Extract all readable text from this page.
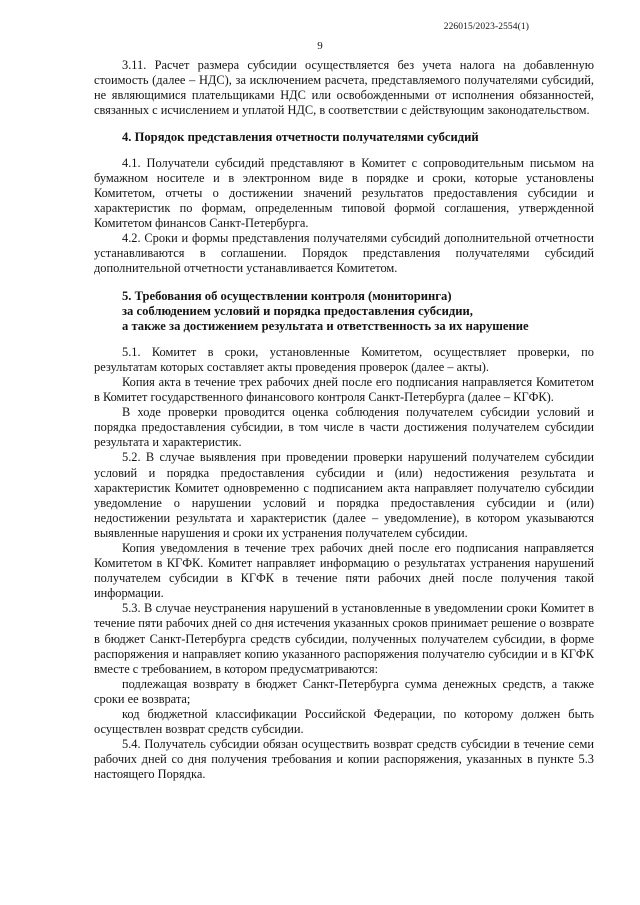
226015/2023-2554(1)
9

3.11. Расчет размера субсидии осуществляется без учета налога на добавленную стоимость (далее – НДС), за исключением расчета, представляемого получателями субсидий, не являющимися плательщиками НДС или освобожденными от исполнения обязанностей, связанных с исчислением и уплатой НДС, в соответствии с действующим законодательством.

4. Порядок представления отчетности получателями субсидий

4.1. Получатели субсидий представляют в Комитет с сопроводительным письмом на бумажном носителе и в электронном виде в порядке и сроки, которые установлены Комитетом, отчеты о достижении значений результатов предоставления субсидии и характеристик по формам, определенным типовой формой соглашения, утвержденной Комитетом финансов Санкт-Петербурга.

4.2. Сроки и формы представления получателями субсидий дополнительной отчетности устанавливаются в соглашении. Порядок представления получателями субсидий дополнительной отчетности устанавливается Комитетом.

5. Требования об осуществлении контроля (мониторинга)

за соблюдением условий и порядка предоставления субсидии,

а также за достижением результата и ответственность за их нарушение

5.1. Комитет в сроки, установленные Комитетом, осуществляет проверки, по результатам которых составляет акты проведения проверок (далее – акты).

Копия акта в течение трех рабочих дней после его подписания направляется Комитетом в Комитет государственного финансового контроля Санкт-Петербурга (далее – КГФК).

В ходе проверки проводится оценка соблюдения получателем субсидии условий и порядка предоставления субсидии, в том числе в части достижения получателем субсидии результата и характеристик.

5.2. В случае выявления при проведении проверки нарушений получателем субсидии условий и порядка предоставления субсидии и (или) недостижения результата и характеристик Комитет одновременно с подписанием акта направляет получателю субсидии уведомление о нарушении условий и порядка предоставления субсидии и (или) недостижении результата и характеристик (далее – уведомление), в котором указываются выявленные нарушения и сроки их устранения получателем субсидии.

Копия уведомления в течение трех рабочих дней после его подписания направляется Комитетом в КГФК. Комитет направляет информацию о результатах устранения нарушений получателем субсидии в КГФК в течение пяти рабочих дней после получения такой информации.

5.3. В случае неустранения нарушений в установленные в уведомлении сроки Комитет в течение пяти рабочих дней со дня истечения указанных сроков принимает решение о возврате в бюджет Санкт-Петербурга средств субсидии, полученных получателем субсидии, в форме распоряжения и направляет копию указанного распоряжения получателю субсидии и в КГФК вместе с требованием, в котором предусматриваются:

подлежащая возврату в бюджет Санкт-Петербурга сумма денежных средств, а также сроки ее возврата;

код бюджетной классификации Российской Федерации, по которому должен быть осуществлен возврат средств субсидии.

5.4. Получатель субсидии обязан осуществить возврат средств субсидии в течение семи рабочих дней со дня получения требования и копии распоряжения, указанных в пункте 5.3 настоящего Порядка.
